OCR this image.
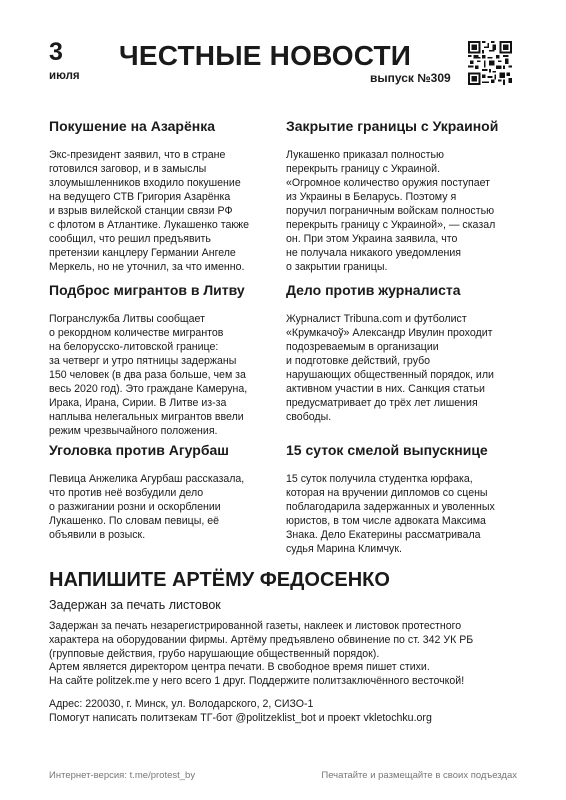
3
июля
ЧЕСТНЫЕ НОВОСТИ
выпуск №309
Покушение на Азарёнка
Экс-президент заявил, что в стране
готовился заговор, и в замыслы
злоумышленников входило покушение
на ведущего СТВ Григория Азарёнка
и взрыв вилейской станции связи РФ
с флотом в Атлантике. Лукашенко также
сообщил, что решил предъявить
претензии канцлеру Германии Ангеле
Меркель, но не уточнил, за что именно.
Закрытие границы с Украиной
Лукашенко приказал полностью
перекрыть границу с Украиной.
«Огромное количество оружия поступает
из Украины в Беларусь. Поэтому я
поручил пограничным войскам полностью
перекрыть границу с Украиной», — сказал
он. При этом Украина заявила, что
не получала никакого уведомления
о закрытии границы.
Подброс мигрантов в Литву
Погранслужба Литвы сообщает
о рекордном количестве мигрантов
на белорусско-литовской границе:
за четверг и утро пятницы задержаны
150 человек (в два раза больше, чем за
весь 2020 год). Это граждане Камеруна,
Ирака, Ирана, Сирии. В Литве из-за
наплыва нелегальных мигрантов ввели
режим чрезвычайного положения.
Дело против журналиста
Журналист Tribuna.com и футболист
«Крумкачоў» Александр Ивулин проходит
подозреваемым в организации
и подготовке действий, грубо
нарушающих общественный порядок, или
активном участии в них. Санкция статьи
предусматривает до трёх лет лишения
свободы.
Уголовка против Агурбаш
Певица Анжелика Агурбаш рассказала,
что против неё возбудили дело
о разжигании розни и оскорблении
Лукашенко. По словам певицы, её
объявили в розыск.
15 суток смелой выпускнице
15 суток получила студентка юрфака,
которая на вручении дипломов со сцены
поблагодарила задержанных и уволенных
юристов, в том числе адвоката Максима
Знака. Дело Екатерины рассматривала
судья Марина Климчук.
НАПИШИТЕ АРТЁМУ ФЕДОСЕНКО
Задержан за печать листовок
Задержан за печать незарегистрированной газеты, наклеек и листовок протестного
характера на оборудовании фирмы. Артёму предъявлено обвинение по ст. 342 УК РБ
(групповые действия, грубо нарушающие общественный порядок).
Артем является директором центра печати. В свободное время пишет стихи.
На сайте politzek.me у него всего 1 друг. Поддержите политзаключённого весточкой!
Адрес: 220030, г. Минск, ул. Володарского, 2, СИЗО-1
Помогут написать политзекам ТГ-бот @politzeklist_bot и проект vkletochku.org
Интернет-версия: t.me/protest_by	Печатайте и размещайте в своих подъездах
